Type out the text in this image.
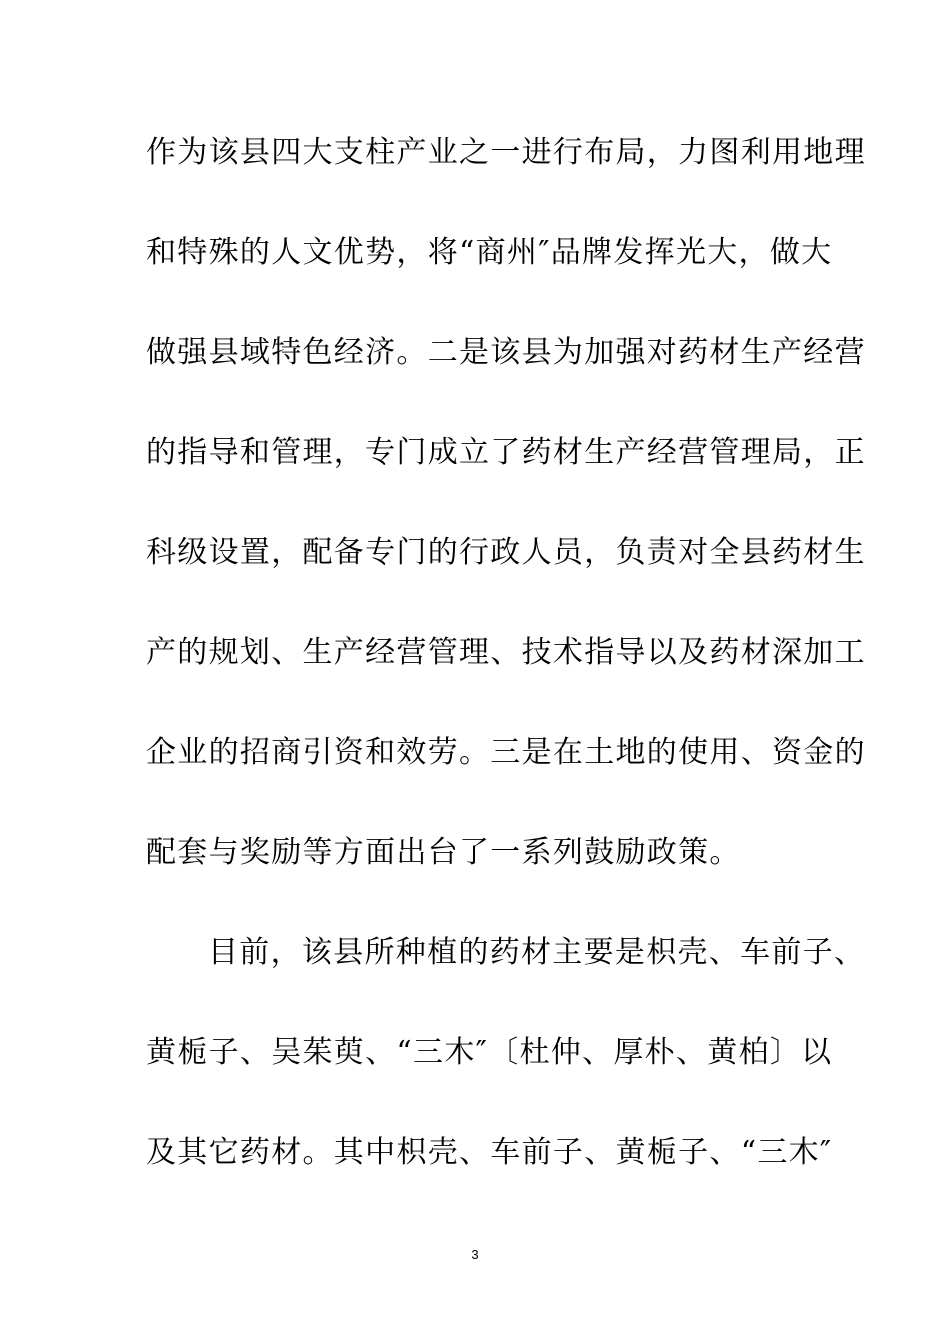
作为该县四大支柱产业之一进行布局，力图利用地理
和特殊的人文优势，将“商州″品牌发挥光大，做大
做强县域特色经济。二是该县为加强对药材生产经营
的指导和管理，专门成立了药材生产经营管理局，正
科级设置，配备专门的行政人员，负责对全县药材生
产的规划、生产经营管理、技术指导以及药材深加工
企业的招商引资和效劳。三是在土地的使用、资金的
配套与奖励等方面出台了一系列鼓励政策。
目前，该县所种植的药材主要是枳壳、车前子、
黄栀子、吴茱萸、“三木″〔杜仲、厚朴、黄柏〕以
及其它药材。其中枳壳、车前子、黄栀子、“三木″
3
